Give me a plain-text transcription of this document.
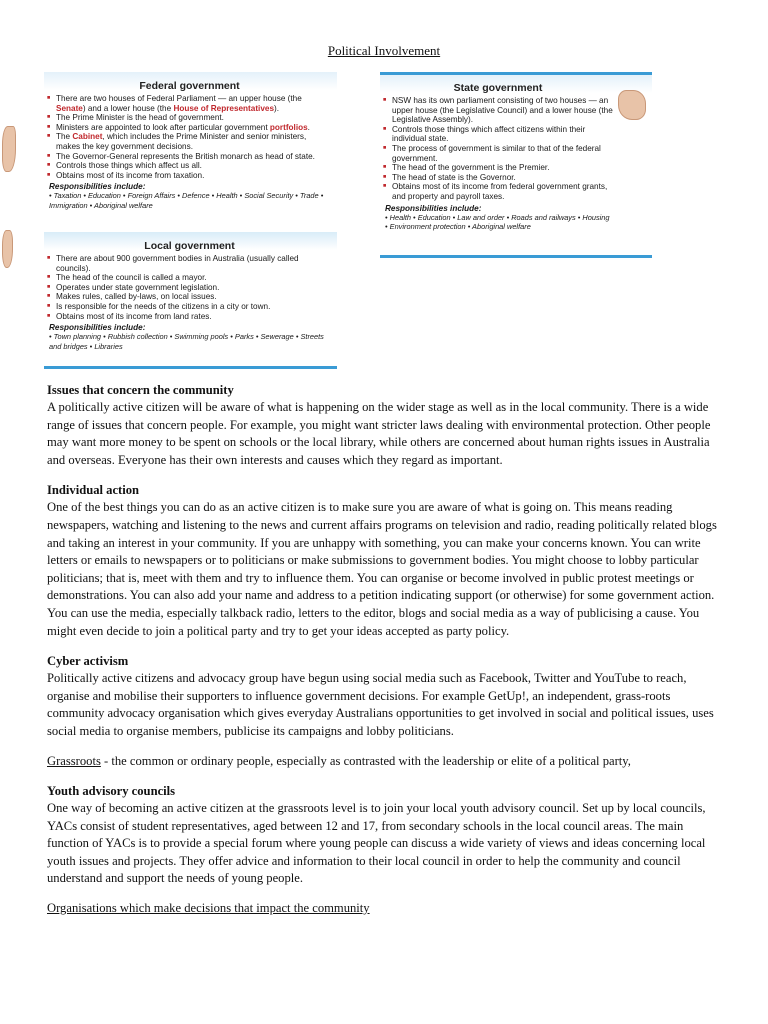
Political Involvement
Federal government
■ There are two houses of Federal Parliament — an upper house (the Senate) and a lower house (the House of Representatives).
■ The Prime Minister is the head of government.
■ Ministers are appointed to look after particular government portfolios.
■ The Cabinet, which includes the Prime Minister and senior ministers, makes the key government decisions.
■ The Governor-General represents the British monarch as head of state.
■ Controls those things which affect us all.
■ Obtains most of its income from taxation.
Responsibilities include:
• Taxation • Education • Foreign Affairs • Defence • Health • Social Security • Trade • Immigration • Aboriginal welfare
Local government
■ There are about 900 government bodies in Australia (usually called councils).
■ The head of the council is called a mayor.
■ Operates under state government legislation.
■ Makes rules, called by-laws, on local issues.
■ Is responsible for the needs of the citizens in a city or town.
■ Obtains most of its income from land rates.
Responsibilities include:
• Town planning • Rubbish collection • Swimming pools • Parks • Sewerage • Streets and bridges • Libraries
State government
■ NSW has its own parliament consisting of two houses — an upper house (the Legislative Council) and a lower house (the Legislative Assembly).
■ Controls those things which affect citizens within their individual state.
■ The process of government is similar to that of the federal government.
■ The head of the government is the Premier.
■ The head of state is the Governor.
■ Obtains most of its income from federal government grants, and property and payroll taxes.
Responsibilities include:
• Health • Education • Law and order • Roads and railways • Housing • Environment protection • Aboriginal welfare
Issues that concern the community

A politically active citizen will be aware of what is happening on the wider stage as well as in the local community. There is a wide range of issues that concern people. For example, you might want stricter laws dealing with environmental protection. Other people may want more money to be spent on schools or the local library, while others are concerned about human rights issues in Australia and overseas. Everyone has their own interests and causes which they regard as important.

Individual action

One of the best things you can do as an active citizen is to make sure you are aware of what is going on. This means reading newspapers, watching and listening to the news and current affairs programs on television and radio, reading politically related blogs and taking an interest in your community. If you are unhappy with something, you can make your concerns known. You can write letters or emails to newspapers or to politicians or make submissions to government bodies. You might choose to lobby particular politicians; that is, meet with them and try to influence them. You can organise or become involved in public protest meetings or demonstrations. You can also add your name and address to a petition indicating support (or otherwise) for some government action. You can use the media, especially talkback radio, letters to the editor, blogs and social media as a way of publicising a cause. You might even decide to join a political party and try to get your ideas accepted as party policy.

Cyber activism

Politically active citizens and advocacy group have begun using social media such as Facebook, Twitter and YouTube to reach, organise and mobilise their supporters to influence government decisions. For example GetUp!, an independent, grass-roots community advocacy organisation which gives everyday Australians opportunities to get involved in social and political issues, uses social media to organise members, publicise its campaigns and lobby politicians.

Grassroots - the common or ordinary people, especially as contrasted with the leadership or elite of a political party,

Youth advisory councils

One way of becoming an active citizen at the grassroots level is to join your local youth advisory council. Set up by local councils, YACs consist of student representatives, aged between 12 and 17, from secondary schools in the local council areas. The main function of YACs is to provide a special forum where young people can discuss a wide variety of views and ideas concerning local youth issues and projects. They offer advice and information to their local council in order to help the community and council understand and support the needs of young people.

Organisations which make decisions that impact the community
